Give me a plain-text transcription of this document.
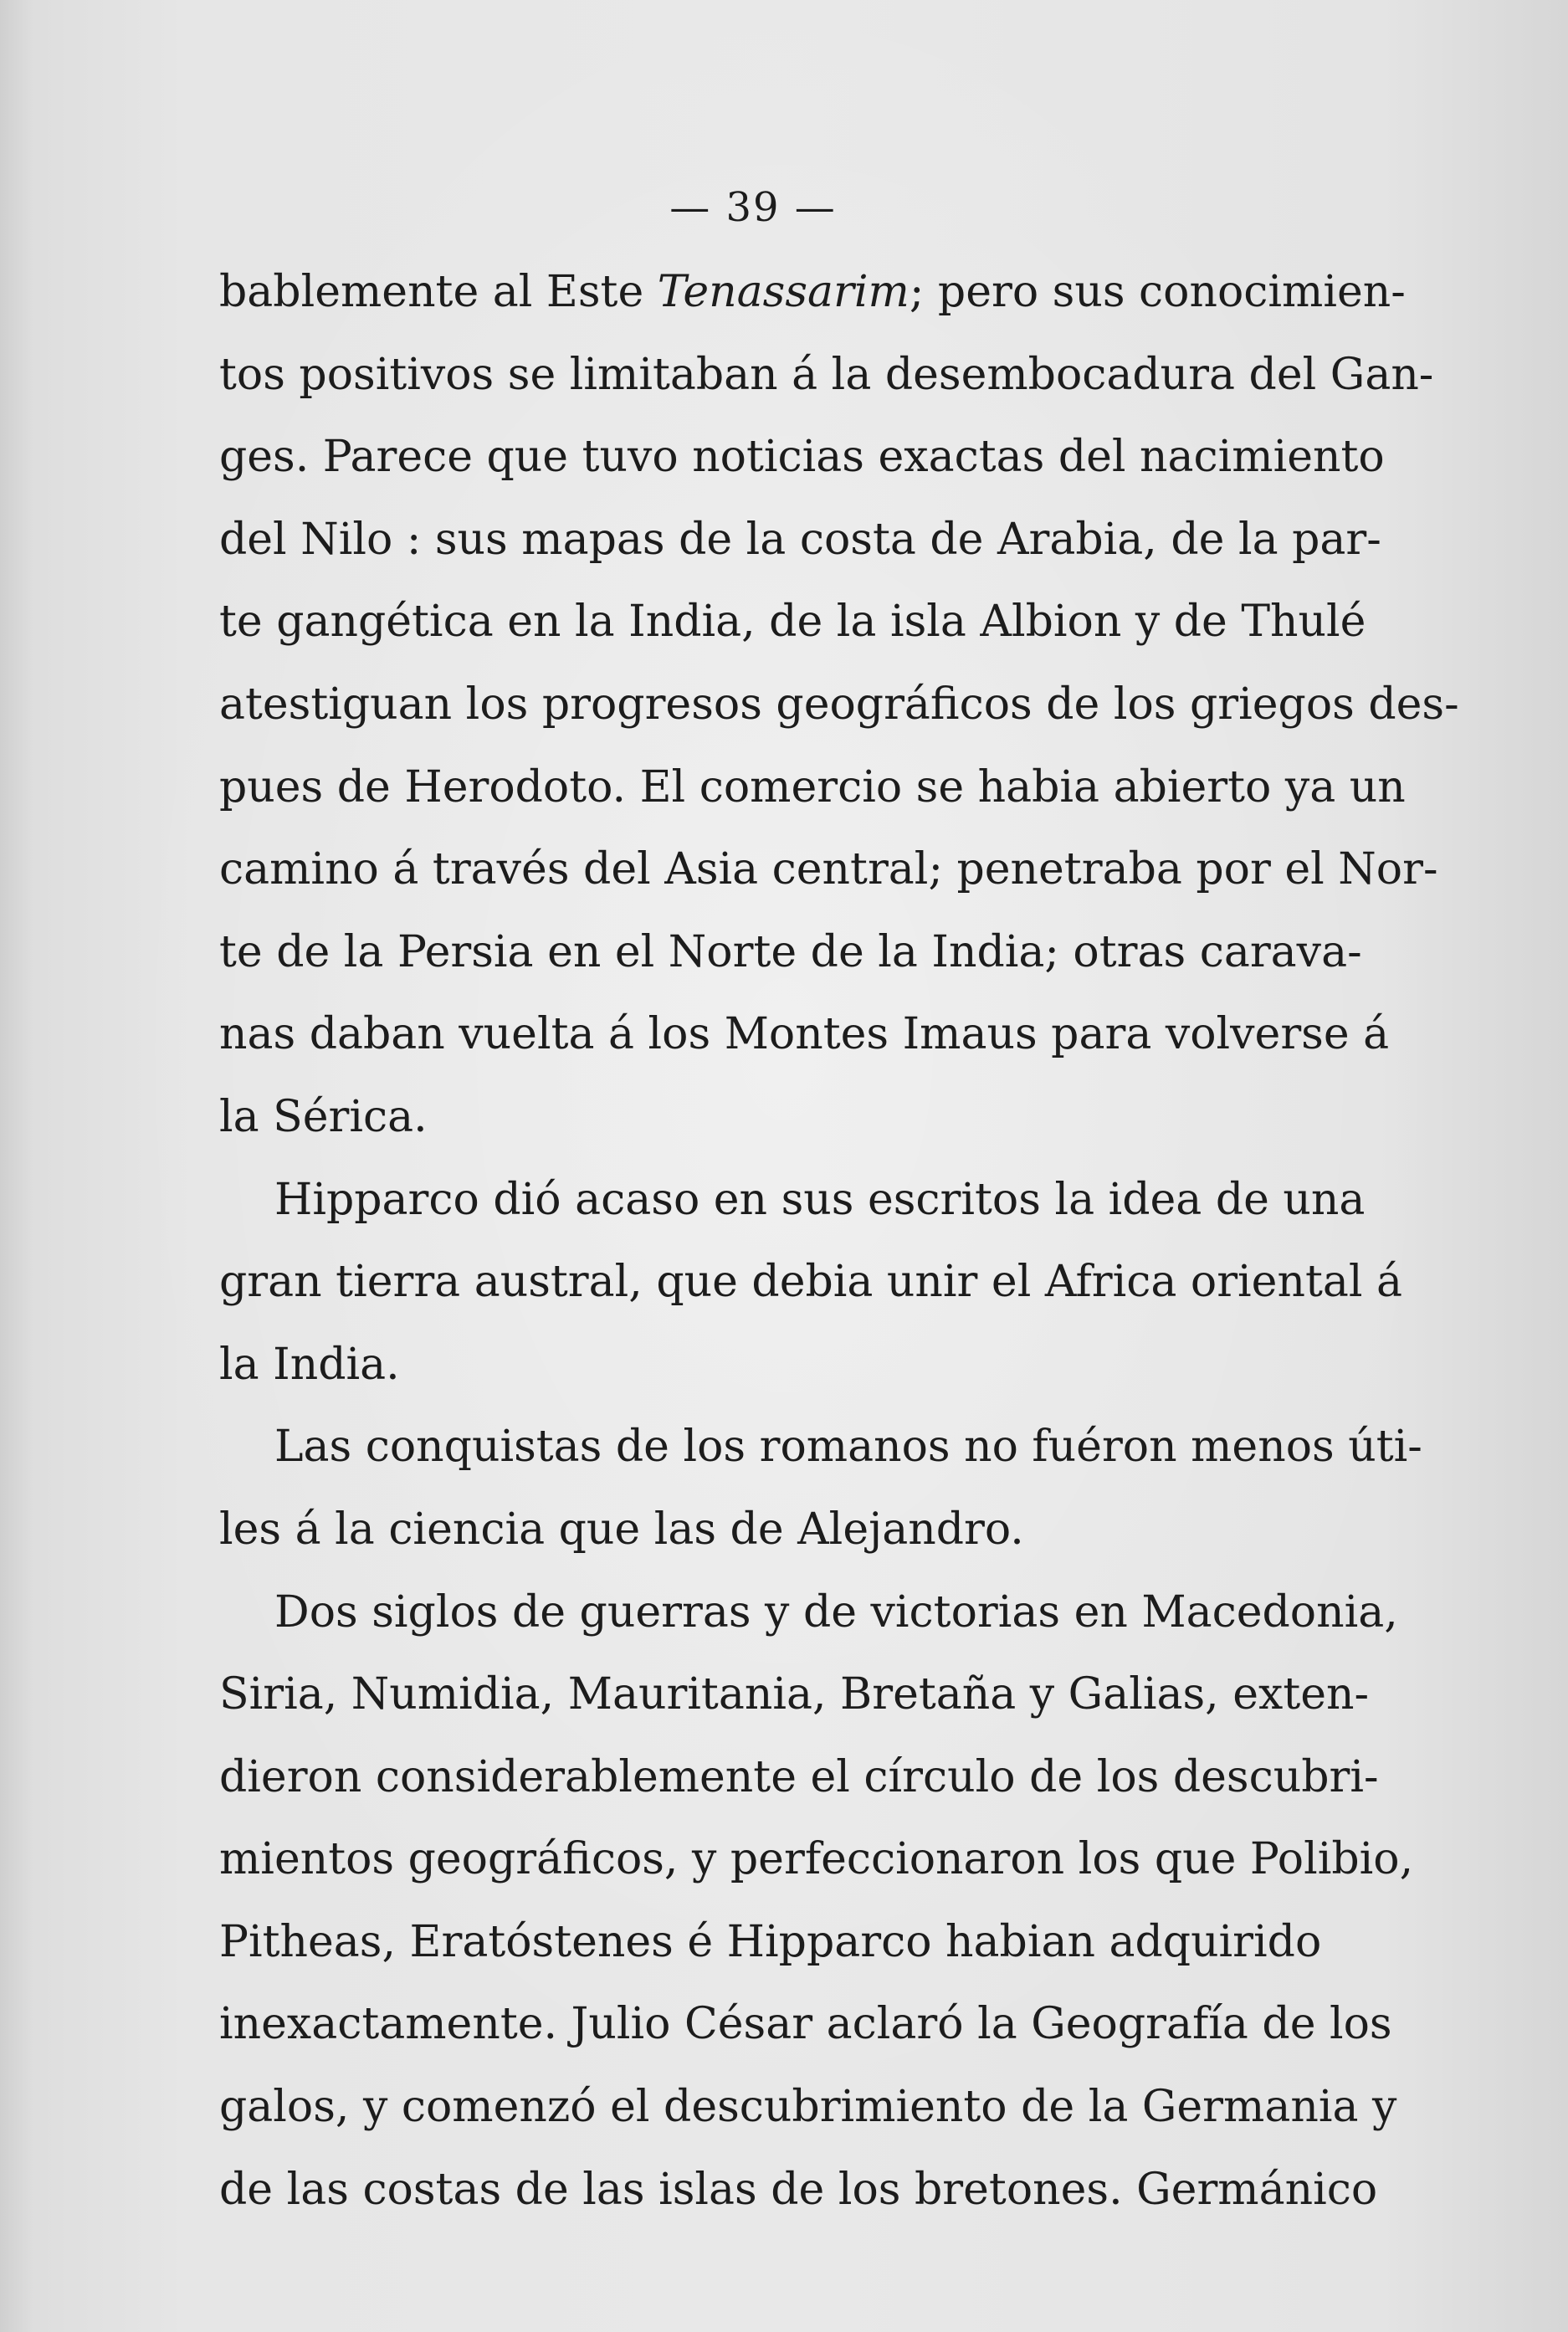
— 39 —
bablemente al Este Tenassarim; pero sus conocimien-
tos positivos se limitaban á la desembocadura del Gan-
ges. Parece que tuvo noticias exactas del nacimiento
del Nilo : sus mapas de la costa de Arabia, de la par-
te gangética en la India, de la isla Albion y de Thulé
atestiguan los progresos geográficos de los griegos des-
pues de Herodoto. El comercio se habia abierto ya un
camino á través del Asia central; penetraba por el Nor-
te de la Persia en el Norte de la India; otras carava-
nas daban vuelta á los Montes Imaus para volverse á
la Sérica.
Hipparco dió acaso en sus escritos la idea de una
gran tierra austral, que debia unir el Africa oriental á
la India.
Las conquistas de los romanos no fuéron menos úti-
les á la ciencia que las de Alejandro.
Dos siglos de guerras y de victorias en Macedonia,
Siria, Numidia, Mauritania, Bretaña y Galias, exten-
dieron considerablemente el círculo de los descubri-
mientos geográficos, y perfeccionaron los que Polibio,
Pitheas, Eratóstenes é Hipparco habian adquirido
inexactamente. Julio César aclaró la Geografía de los
galos, y comenzó el descubrimiento de la Germania y
de las costas de las islas de los bretones. Germánico
